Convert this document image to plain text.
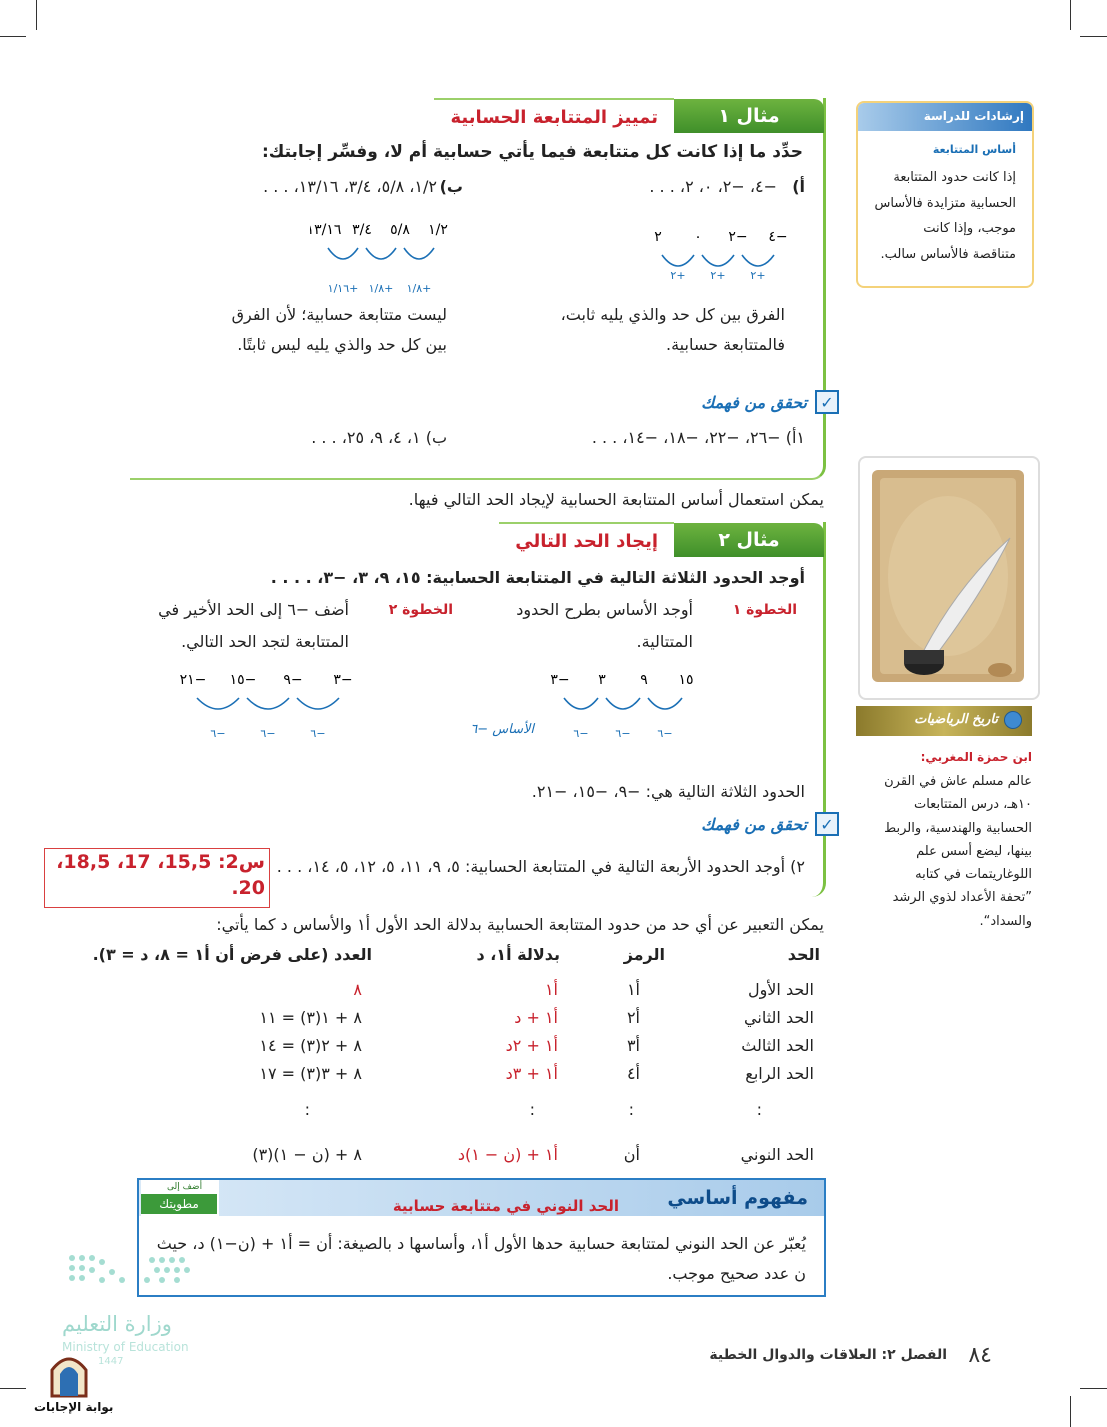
مثال ١
تمييز المتتابعة الحسابية
حدِّد ما إذا كانت كل متتابعة فيما يأتي حسابية أم لا، وفسِّر إجابتك:
أ)
−٤، −٢، ٠، ٢، . . .
−٤
−٢
٠
٢
+٢
+٢
+٢
الفرق بين كل حد والذي يليه ثابت،
فالمتتابعة حسابية.
ب)
١/٢، ٥/٨، ٣/٤، ١٣/١٦، . . .
١/٢
٥/٨
٣/٤
١٣/١٦
+١/٨
+١/٨
+١/١٦
ليست متتابعة حسابية؛ لأن الفرق
بين كل حد والذي يليه ليس ثابتًا.
✓
تحقق من فهمك
١أ) −٢٦، −٢٢، −١٨، −١٤، . . .
ب) ١، ٤، ٩، ٢٥، . . .
يمكن استعمال أساس المتتابعة الحسابية لإيجاد الحد التالي فيها.
مثال ٢
إيجاد الحد التالي
أوجد الحدود الثلاثة التالية في المتتابعة الحسابية: ١٥، ٩، ٣، −٣، . . . .
الخطوة ١
أوجد الأساس بطرح الحدود
المتتالية.
١٥
٩
٣
−٣
−٦
−٦
−٦
الأساس −٦
الخطوة ٢
أضف −٦ إلى الحد الأخير في
المتتابعة لتجد الحد التالي.
−٣
−٩
−١٥
−٢١
−٦
−٦
−٦
الحدود الثلاثة التالية هي: −٩، −١٥، −٢١.
✓
تحقق من فهمك
٢) أوجد الحدود الأربعة التالية في المتتابعة الحسابية: ٥، ٩، ١١، ٥، ١٢، ٥، ١٤، . . .
س2: 15,5، 17، 18,5،
20.
يمكن التعبير عن أي حد من حدود المتتابعة الحسابية بدلالة الحد الأول أ١ والأساس د كما يأتي:
الحد
الرمز
بدلالة أ١، د
العدد (على فرض أن أ١ = ٨، د = ٣).
الحد الأول
أ١
أ١
٨
الحد الثاني
أ٢
أ١ + د
٨ + ١(٣) = ١١
الحد الثالث
أ٣
أ١ + ٢د
٨ + ٢(٣) = ١٤
الحد الرابع
أ٤
أ١ + ٣د
٨ + ٣(٣) = ١٧
:
:
:
:
الحد النوني
أن
أ١ + (ن − ١)د
٨ + (ن − ١)(٣)
مفهوم أساسي
الحد النوني في متتابعة حسابية
أضف إلى
مطويتك
يُعبّر عن الحد النوني لمتتابعة حسابية حدها الأول أ١، وأساسها د بالصيغة: أن = أ١ + (ن−١) د، حيث
ن عدد صحيح موجب.
إرشادات للدراسة
أساس المتتابعة
إذا كانت حدود المتتابعة
الحسابية متزايدة فالأساس
موجب، وإذا كانت
متناقصة فالأساس سالب.
تاريخ الرياضيات
ابن حمزة المغربي:
عالم مسلم عاش في القرن
١٠هـ، درس المتتابعات
الحسابية والهندسية، والربط
بينها، ليضع أسس علم
اللوغاريتمات في كتابه
”تحفة الأعداد لذوي الرشد
والسداد“.
٨٤
الفصل ٢: العلاقات والدوال الخطية
وزارة التعليم
Ministry of Education
1447
بوابة الإجابات
